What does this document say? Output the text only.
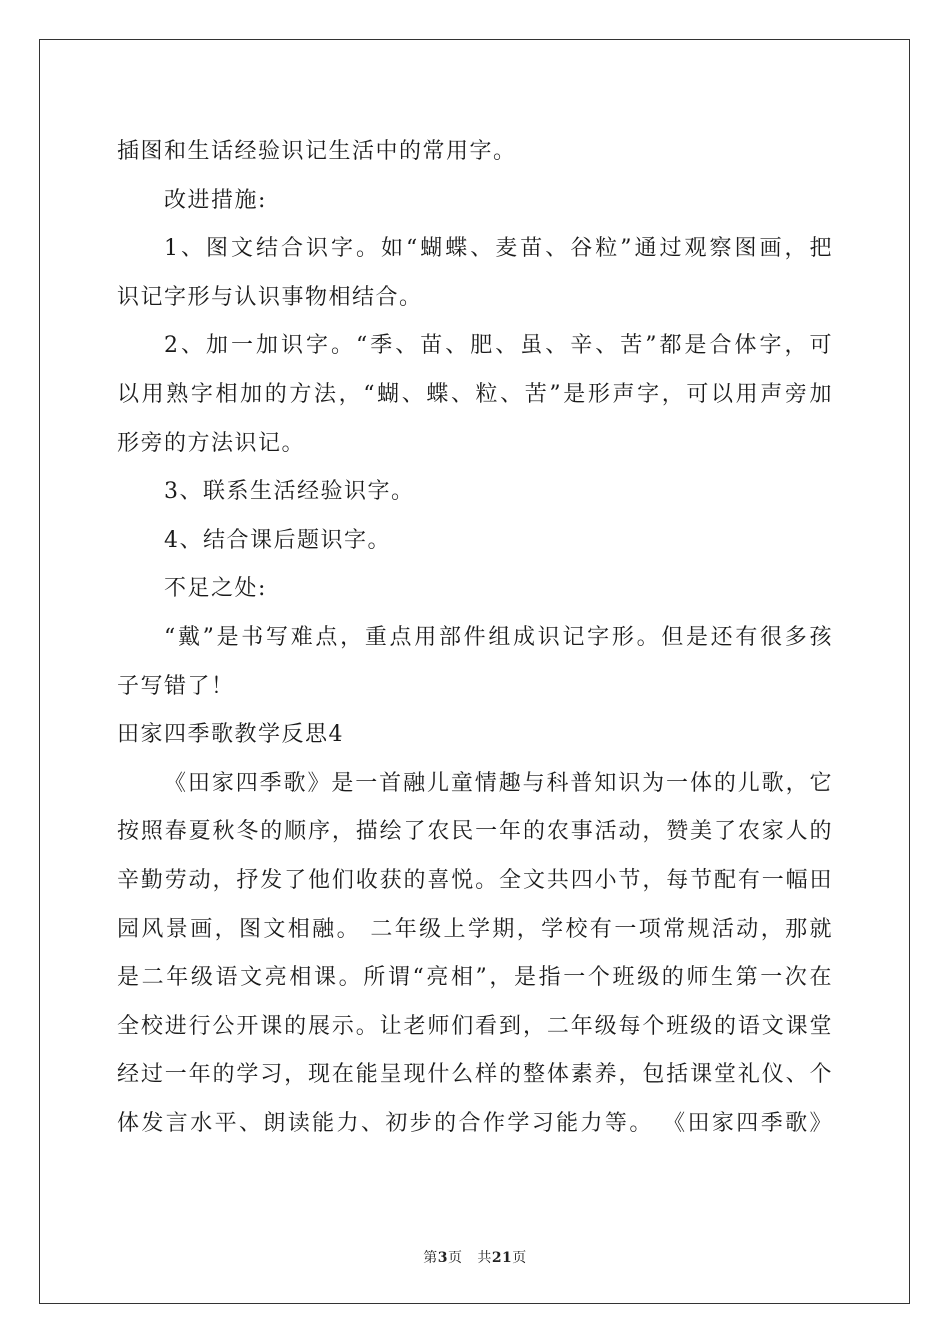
插图和生话经验识记生活中的常用字。
改进措施:
1、图文结合识字。如“蝴蝶、麦苗、谷粒”通过观察图画，把
识记字形与认识事物相结合。
2、加一加识字。“季、苗、肥、虽、辛、苦”都是合体字，可
以用熟字相加的方法，“蝴、蝶、粒、苦”是形声字，可以用声旁加
形旁的方法识记。
3、联系生活经验识字。
4、结合课后题识字。
不足之处:
“戴”是书写难点，重点用部件组成识记字形。但是还有很多孩
子写错了！
田家四季歌教学反思4
《田家四季歌》是一首融儿童情趣与科普知识为一体的儿歌，它
按照春夏秋冬的顺序，描绘了农民一年的农事活动，赞美了农家人的
辛勤劳动，抒发了他们收获的喜悦。全文共四小节，每节配有一幅田
园风景画，图文相融。 二年级上学期，学校有一项常规活动，那就
是二年级语文亮相课。所谓“亮相”，是指一个班级的师生第一次在
全校进行公开课的展示。让老师们看到，二年级每个班级的语文课堂
经过一年的学习，现在能呈现什么样的整体素养，包括课堂礼仪、个
体发言水平、朗读能力、初步的合作学习能力等。 《田家四季歌》
第3页 共21页
